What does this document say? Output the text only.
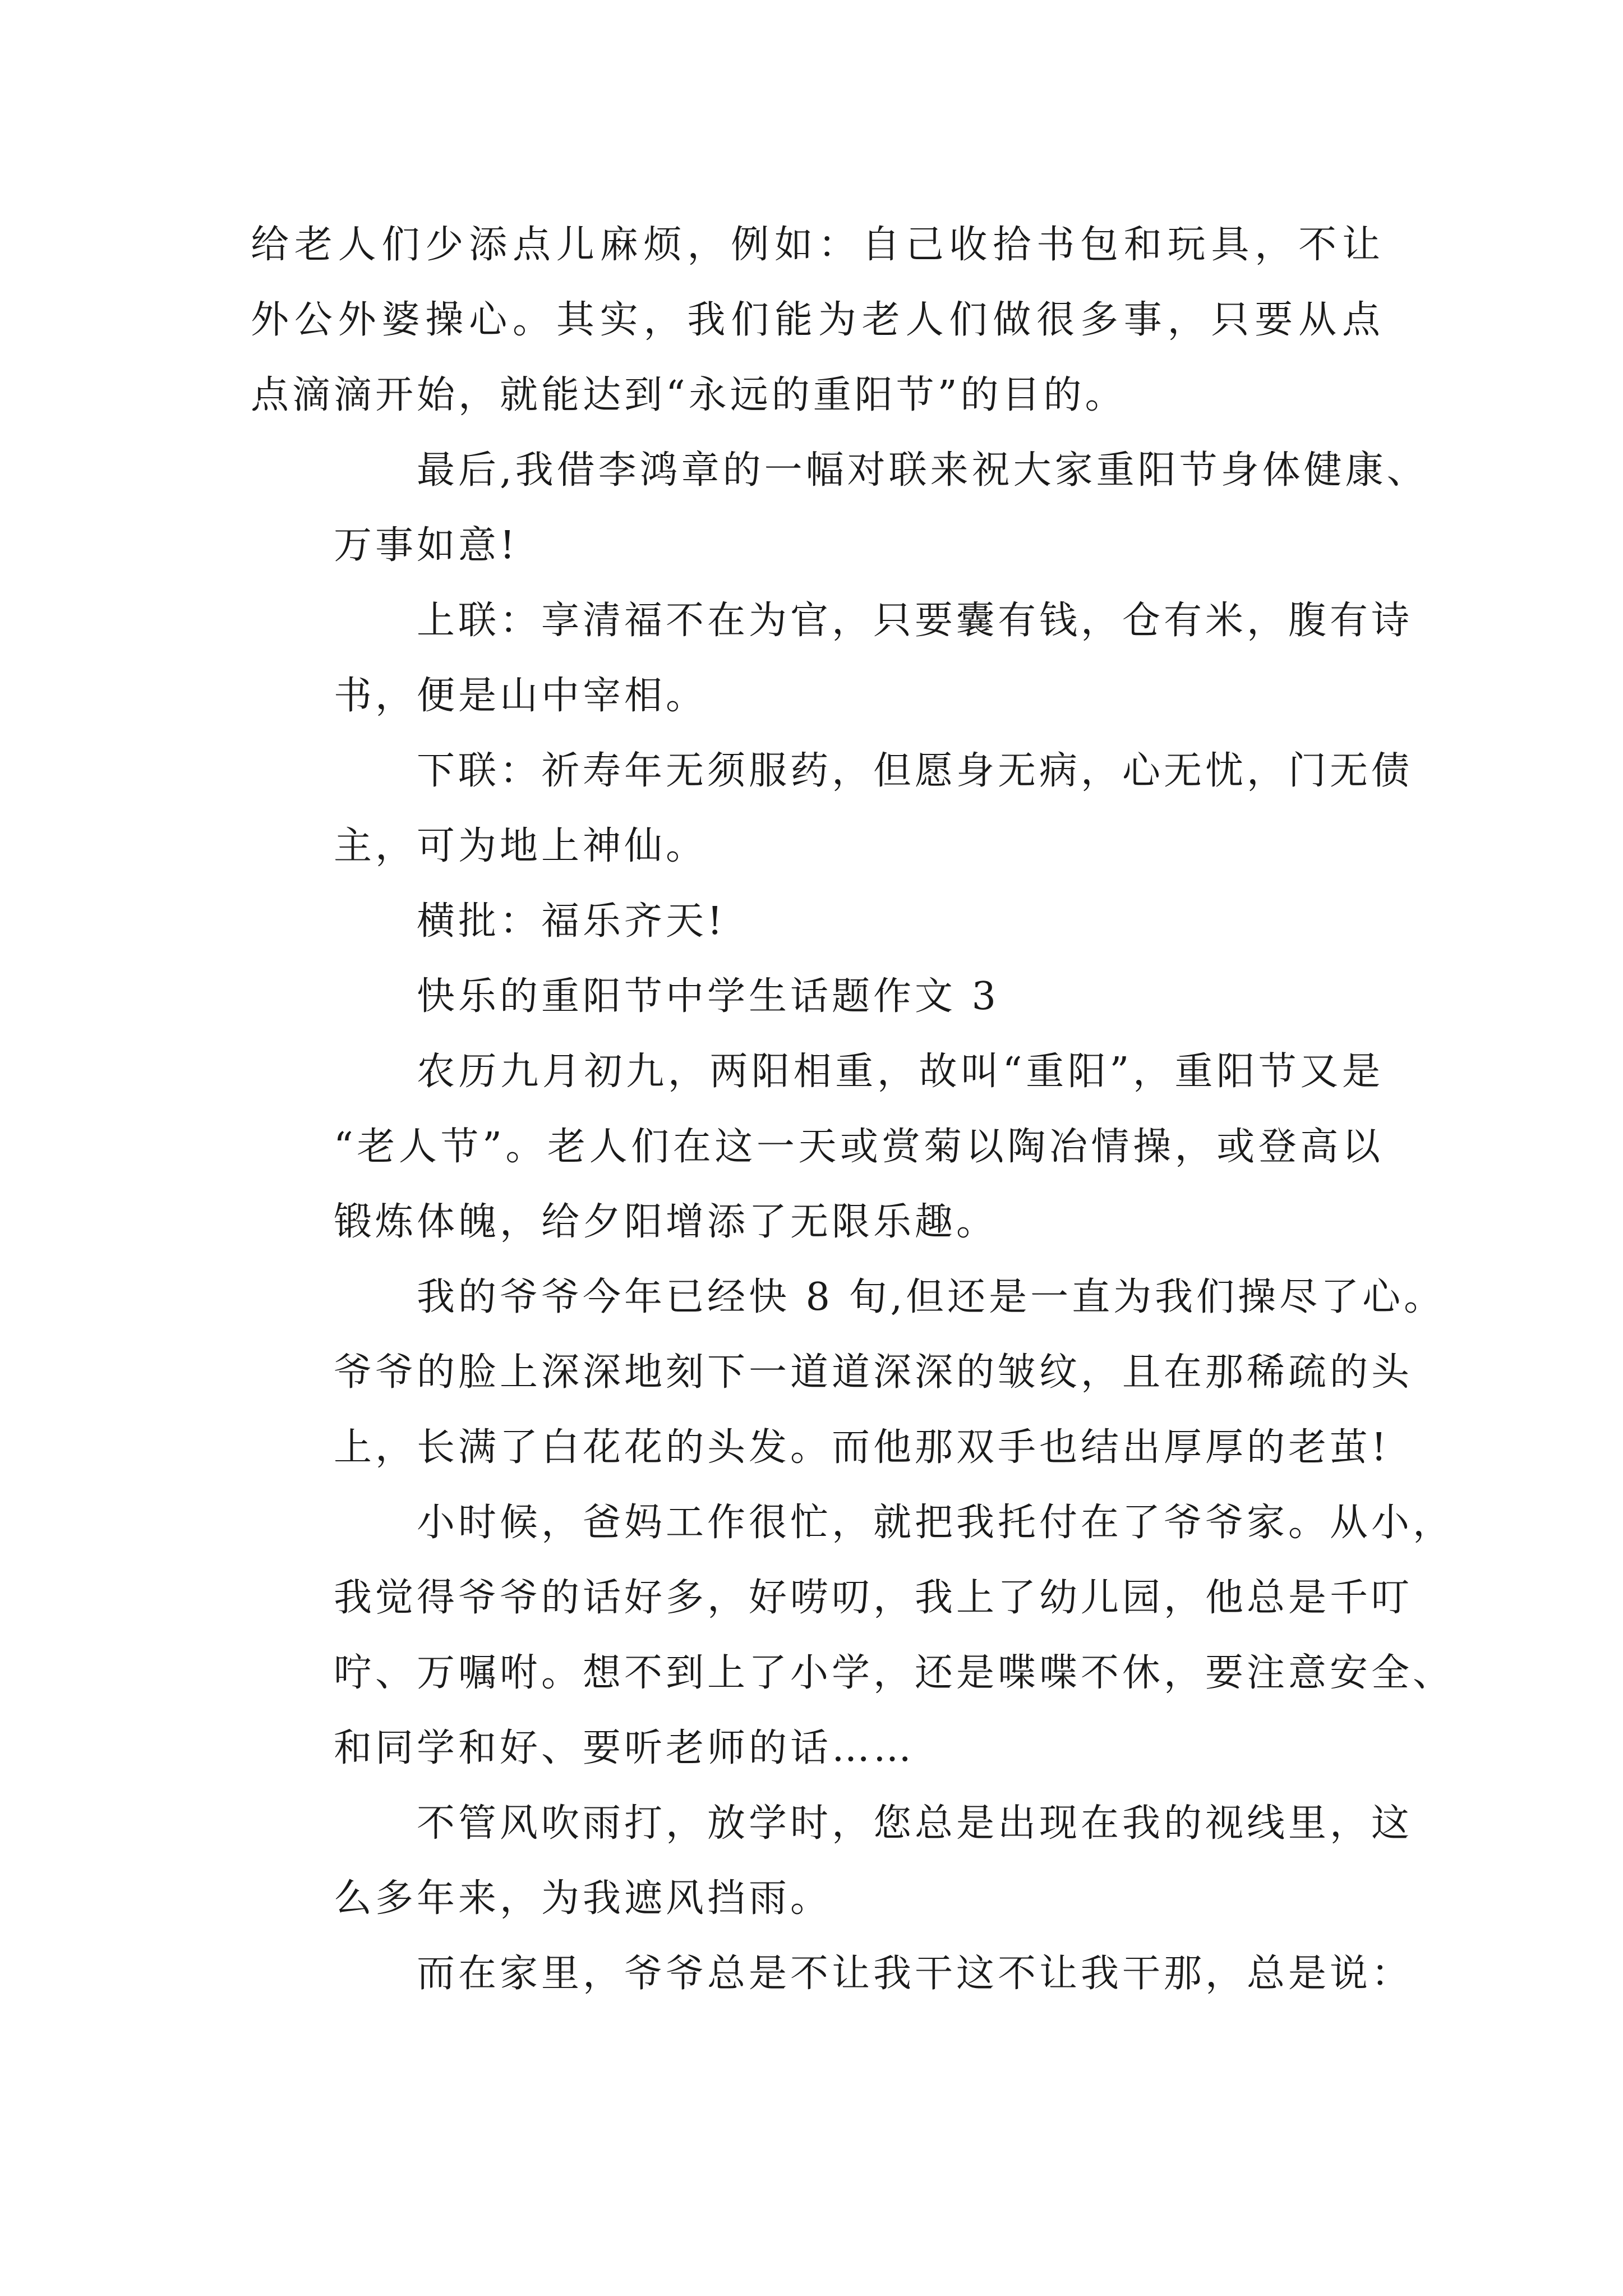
给老人们少添点儿麻烦，例如：自己收拾书包和玩具，不让
外公外婆操心。其实，我们能为老人们做很多事，只要从点
点滴滴开始，就能达到“永远的重阳节”的目的。
最后,我借李鸿章的一幅对联来祝大家重阳节身体健康、
万事如意!
上联：享清福不在为官，只要囊有钱，仓有米，腹有诗
书，便是山中宰相。
下联：祈寿年无须服药，但愿身无病，心无忧，门无债
主，可为地上神仙。
横批：福乐齐天!
快乐的重阳节中学生话题作文 3
农历九月初九，两阳相重，故叫“重阳”，重阳节又是
“老人节”。老人们在这一天或赏菊以陶冶情操，或登高以
锻炼体魄，给夕阳增添了无限乐趣。
我的爷爷今年已经快 8 旬,但还是一直为我们操尽了心。
爷爷的脸上深深地刻下一道道深深的皱纹，且在那稀疏的头
上，长满了白花花的头发。而他那双手也结出厚厚的老茧!
小时候，爸妈工作很忙，就把我托付在了爷爷家。从小，
我觉得爷爷的话好多，好唠叨，我上了幼儿园，他总是千叮
咛、万嘱咐。想不到上了小学，还是喋喋不休，要注意安全、
和同学和好、要听老师的话……
不管风吹雨打，放学时，您总是出现在我的视线里，这
么多年来，为我遮风挡雨。
而在家里，爷爷总是不让我干这不让我干那，总是说：
